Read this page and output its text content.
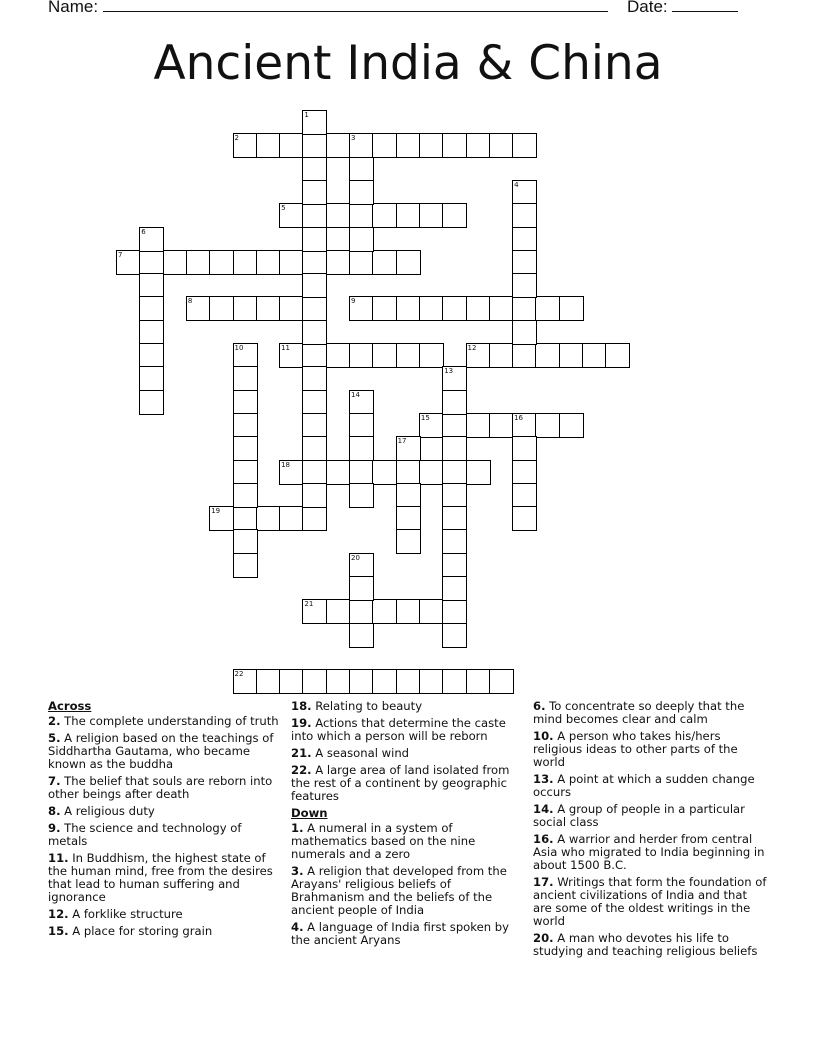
Name:	Date:
Ancient India & China
2	3
5
7
8	9
11	12
15	16
18
19
21
22
1
4
6
10
13
14
17
20
Across
2. The complete understanding of truth
5. A religion based on the teachings of Siddhartha Gautama, who became known as the buddha
7. The belief that souls are reborn into other beings after death
8. A religious duty
9. The science and technology of metals
11. In Buddhism, the highest state of the human mind, free from the desires that lead to human suffering and ignorance
12. A forklike structure
15. A place for storing grain
18. Relating to beauty
19. Actions that determine the caste into which a person will be reborn
21. A seasonal wind
22. A large area of land isolated from the rest of a continent by geographic features
Down
1. A numeral in a system of mathematics based on the nine numerals and a zero
3. A religion that developed from the Arayans' religious beliefs of Brahmanism and the beliefs of the ancient people of India
4. A language of India first spoken by the ancient Aryans
6. To concentrate so deeply that the mind becomes clear and calm
10. A person who takes his/hers religious ideas to other parts of the world
13. A point at which a sudden change occurs
14. A group of people in a particular social class
16. A warrior and herder from central Asia who migrated to India beginning in about 1500 B.C.
17. Writings that form the foundation of ancient civilizations of India and that are some of the oldest writings in the world
20. A man who devotes his life to studying and teaching religious beliefs
